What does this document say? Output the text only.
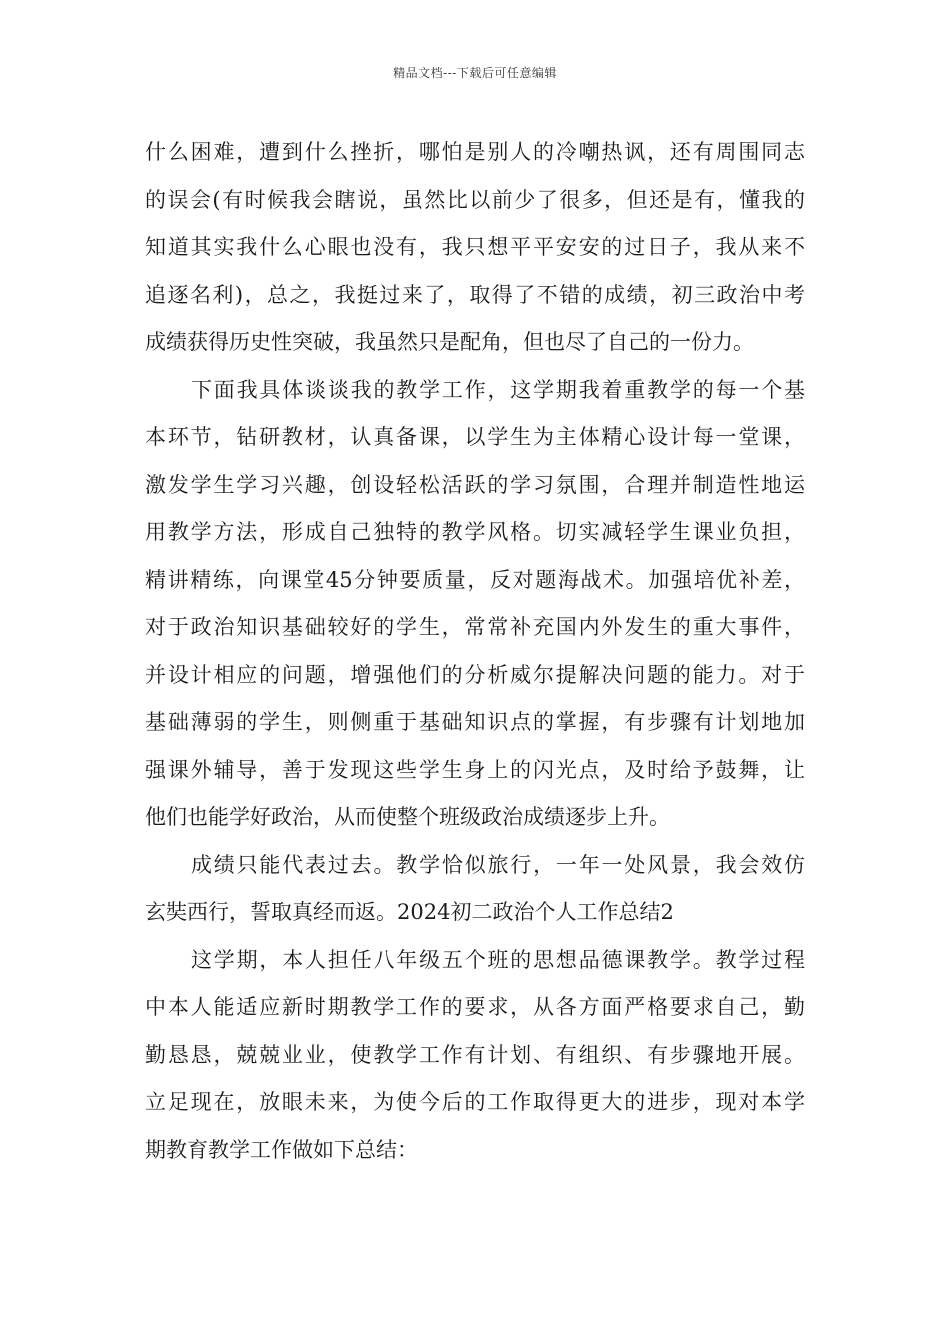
精品文档---下载后可任意编辑
什么困难，遭到什么挫折，哪怕是别人的冷嘲热讽，还有周围同志
的误会(有时候我会瞎说，虽然比以前少了很多，但还是有，懂我的
知道其实我什么心眼也没有，我只想平平安安的过日子，我从来不
追逐名利)，总之，我挺过来了，取得了不错的成绩，初三政治中考
成绩获得历史性突破，我虽然只是配角，但也尽了自己的一份力。
下面我具体谈谈我的教学工作，这学期我着重教学的每一个基
本环节，钻研教材，认真备课，以学生为主体精心设计每一堂课，
激发学生学习兴趣，创设轻松活跃的学习氛围，合理并制造性地运
用教学方法，形成自己独特的教学风格。切实减轻学生课业负担，
精讲精练，向课堂45分钟要质量，反对题海战术。加强培优补差，
对于政治知识基础较好的学生，常常补充国内外发生的重大事件，
并设计相应的问题，增强他们的分析威尔提解决问题的能力。对于
基础薄弱的学生，则侧重于基础知识点的掌握，有步骤有计划地加
强课外辅导，善于发现这些学生身上的闪光点，及时给予鼓舞，让
他们也能学好政治，从而使整个班级政治成绩逐步上升。
成绩只能代表过去。教学恰似旅行，一年一处风景，我会效仿
玄奘西行，誓取真经而返。2024初二政治个人工作总结2
这学期，本人担任八年级五个班的思想品德课教学。教学过程
中本人能适应新时期教学工作的要求，从各方面严格要求自己，勤
勤恳恳，兢兢业业，使教学工作有计划、有组织、有步骤地开展。
立足现在，放眼未来，为使今后的工作取得更大的进步，现对本学
期教育教学工作做如下总结：
